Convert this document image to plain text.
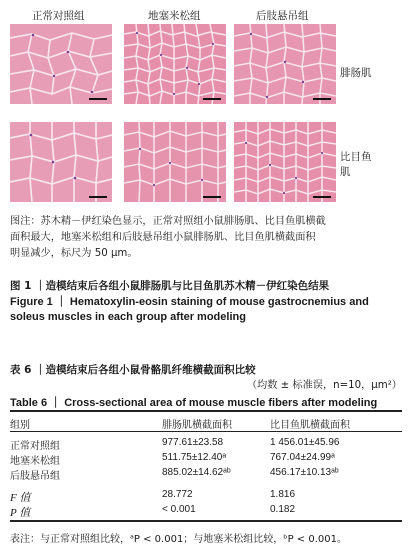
正常对照组	地塞米松组	后肢悬吊组
腓肠肌
比目鱼肌
图注：苏木精－伊红染色显示，正常对照组小鼠腓肠肌、比目鱼肌横截
面积最大，地塞米松组和后肢悬吊组小鼠腓肠肌、比目鱼肌横截面积
明显减少，标尺为 50 μm。
图 1 ｜造模结束后各组小鼠腓肠肌与比目鱼肌苏木精－伊红染色结果
Figure 1 ｜ Hematoxylin-eosin staining of mouse gastrocnemius and soleus muscles in each group after modeling
表 6 ｜造模结束后各组小鼠骨骼肌纤维横截面积比较
（均数 ± 标准误，n=10，μm²）
Table 6 ｜ Cross-sectional area of mouse muscle fibers after modeling
组别	腓肠肌横截面积	比目鱼肌横截面积
正常对照组	977.61±23.58	1 456.01±45.96
地塞米松组	511.75±12.40ᵃ	767.04±24.99ᵃ
后肢悬吊组	885.02±14.62ᵃᵇ	456.17±10.13ᵃᵇ
F 值	28.772	1.816
P 值	< 0.001	0.182
表注：与正常对照组比较，ᵃP < 0.001；与地塞米松组比较，ᵇP < 0.001。
